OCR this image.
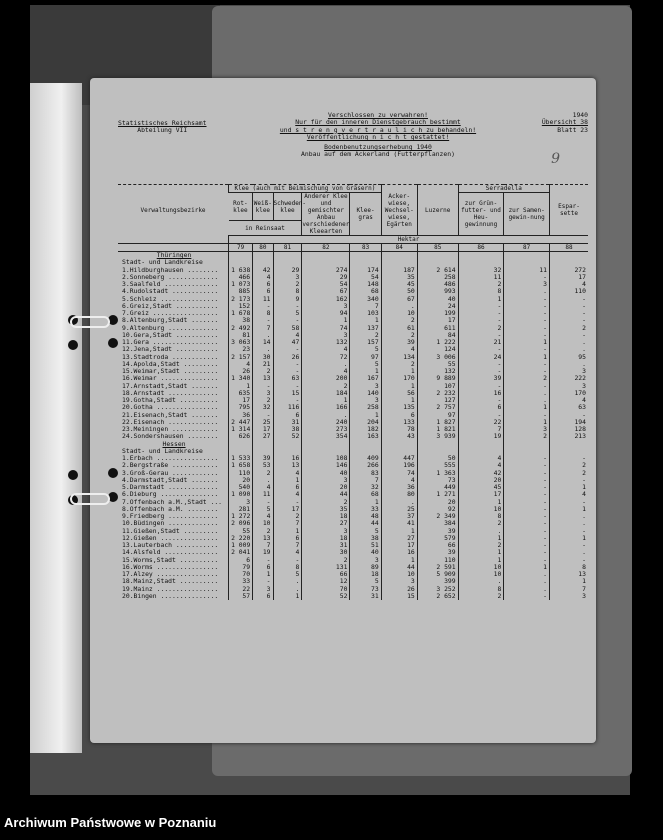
Statistisches Reichsamt
Abteilung VII
Verschlossen zu verwahren!
Nur für den inneren Dienstgebrauch bestimmt
und s t r e n g v e r t r a u l i c h zu behandeln!
Veröffentlichung n i c h t gestattet!
Bodenbenutzungserhebung 1940
Anbau auf dem Ackerland (Futterpflanzen)
1940
Übersicht 38
Blatt 23
9
Verwaltungsbezirke	Klee (auch mit Beimischung von Gräsern)					Acker-wiese, Wechsel-wiese, Egärten	Luzerne	Serradella		Espar-sette
	Rot-klee	Weiß-klee	Schweden-klee	Anderer Klee und gemischter Anbau verschiedener Kleearten	Klee-gras			zur Grün-futter- und Heu-gewinnung	zur Samen-gewin-nung	
	in Reinsaat									
	Hektar									
	79	80	81	82	83	84	85	86	87	88
Thüringen										
Stadt- und Landkreise										
1.Hildburghausen ........	1 638	42	29	274	174	187	2 614	32	11	272
2.Sonneberg .............	466	4	3	29	54	35	258	11	-	17
3.Saalfeld ..............	1 073	6	2	54	148	45	486	2	3	4
4.Rudolstadt ............	885	6	8	67	68	50	993	8	.	110
5.Schleiz ...............	2 173	11	9	162	340	67	40	1	-	-
6.Greiz,Stadt ...........	152	-	-	3	7	.	24	-	-	-
7.Greiz .................	1 678	8	5	94	103	10	199	-	-	-
8.Altenburg,Stadt .......	38	-	-	1	1	2	17	-	-	-
9.Altenburg .............	2 492	7	58	74	137	61	611	2	-	2
10.Gera,Stadt ...........	81	.	4	3	2	2	84	-	-	-
11.Gera .................	3 063	14	47	132	157	39	1 222	21	1	.
12.Jena,Stadt ...........	23	.	-	4	5	4	124	-	-	.
13.Stadtroda ............	2 157	30	26	72	97	134	3 006	24	1	95
14.Apolda,Stadt .........	4	21	-	.	5	2	55	-	-	.
15.Weimar,Stadt .........	26	2	-	4	1	1	132	-	-	3
16.Weimar ...............	1 340	13	63	200	167	170	9 889	39	2	222
17.Arnstadt,Stadt .......	1	-	-	2	3	1	107	-	-	3
18.Arnstadt .............	635	3	15	184	140	56	2 232	16	.	170
19.Gotha,Stadt ..........	17	2	-	1	3	1	127	-	.	4
20.Gotha ................	795	32	116	166	258	135	2 757	6	1	63
21.Eisenach,Stadt .......	36	-	6	.	1	6	97	-	-	-
22.Eisenach .............	2 447	25	31	240	204	133	1 827	22	1	194
23.Meiningen ............	1 314	17	38	273	182	78	1 821	7	3	128
24.Sondershausen ........	626	27	52	354	163	43	3 939	19	2	213
Hessen										
Stadt- und Landkreise										
1.Erbach ................	1 533	39	16	108	409	447	50	4	-	-
2.Bergstraße ............	1 658	53	13	146	266	196	555	4	-	2
3.Groß-Gerau ............	110	2	4	40	83	74	1 363	42	-	2
4.Darmstadt,Stadt .......	20	.	1	3	7	4	73	20	-	-
5.Darmstadt .............	540	4	6	20	32	36	449	45	-	1
6.Dieburg ...............	1 090	11	4	44	68	80	1 271	17	-	4
7.Offenbach a.M.,Stadt ...	3	-	-	2	1	.	20	1	-	-
8.Offenbach a.M. ........	281	5	17	35	33	25	92	10	-	1
9.Friedberg .............	1 272	4	2	18	48	37	2 349	8	-	.
10.Büdingen .............	2 096	10	7	27	44	41	384	2	-	.
11.Gießen,Stadt .........	55	2	1	3	5	1	39	.	-	-
12.Gießen ...............	2 220	13	6	18	38	27	579	1	-	1
13.Lauterbach ...........	1 009	7	7	31	51	17	66	2	-	-
14.Alsfeld ..............	2 041	19	4	30	40	16	39	1	-	.
15.Worms,Stadt ..........	6	-	-	2	3	1	110	1	-	-
16.Worms ................	79	6	8	131	89	44	2 591	10	1	8
17.Alzey ................	70	1	5	66	18	10	5 909	10	.	13
18.Mainz,Stadt ..........	33	-	.	12	5	3	399	.	.	1
19.Mainz ................	22	3	.	70	73	26	3 252	8	.	7
20.Bingen ...............	57	6	1	52	31	15	2 652	2	-	3
Archiwum Państwowe w Poznaniu
